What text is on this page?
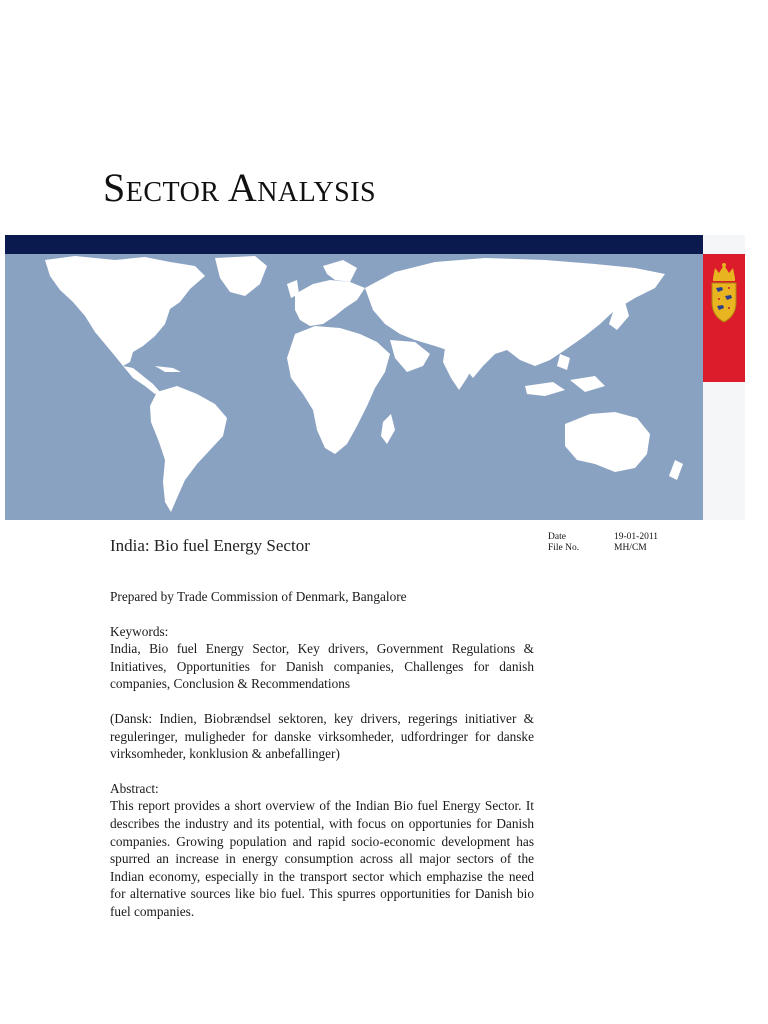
Sector Analysis
India: Bio fuel Energy Sector	Date	19-01-2011
File No.	MH/CM

Prepared by Trade Commission of Denmark, Bangalore

Keywords:
India, Bio fuel Energy Sector, Key drivers, Government Regulations & Initiatives, Opportunities for Danish companies, Challenges for danish companies, Conclusion & Recommendations

(Dansk: Indien, Biobrændsel sektoren, key drivers, regerings initiativer & reguleringer, muligheder for danske virksomheder, udfordringer for danske virksomheder, konklusion & anbefallinger)

Abstract:
This report provides a short overview of the Indian Bio fuel Energy Sector. It describes the industry and its potential, with focus on opportunies for Danish companies. Growing population and rapid socio-economic development has spurred an increase in energy consumption across all major sectors of the Indian economy, especially in the transport sector which emphazise the need for alternative sources like bio fuel. This spurres opportunities for Danish bio fuel companies.
